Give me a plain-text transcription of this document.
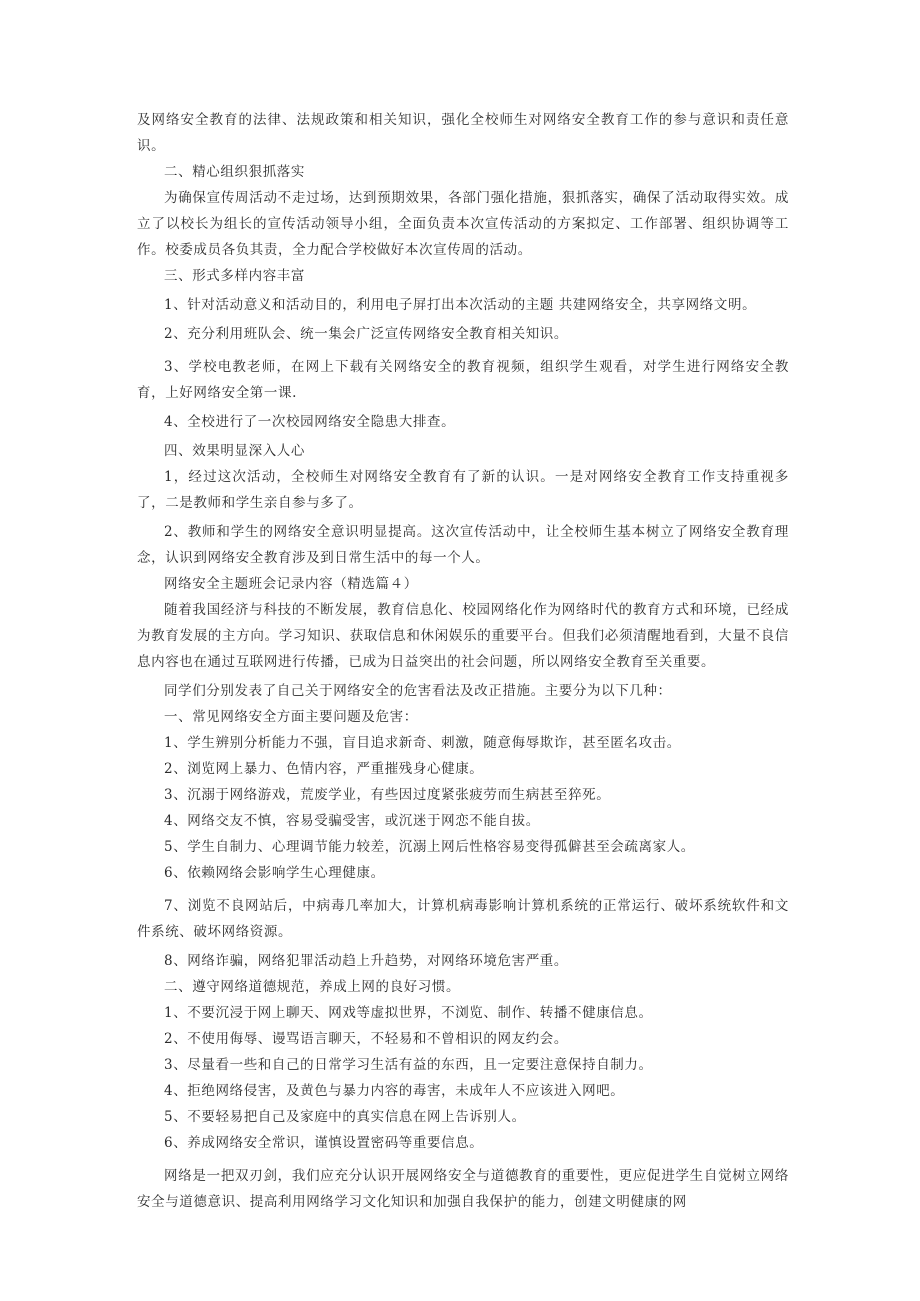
及网络安全教育的法律、法规政策和相关知识，强化全校师生对网络安全教育工作的参与意识和责任意识。

二、精心组织狠抓落实

为确保宣传周活动不走过场，达到预期效果，各部门强化措施，狠抓落实，确保了活动取得实效。成立了以校长为组长的宣传活动领导小组，全面负责本次宣传活动的方案拟定、工作部署、组织协调等工作。校委成员各负其责，全力配合学校做好本次宣传周的活动。

三、形式多样内容丰富

1、针对活动意义和活动目的，利用电子屏打出本次活动的主题 共建网络安全，共享网络文明。

2、充分利用班队会、统一集会广泛宣传网络安全教育相关知识。

3、学校电教老师，在网上下载有关网络安全的教育视频，组织学生观看，对学生进行网络安全教育，上好网络安全第一课.

4、全校进行了一次校园网络安全隐患大排查。

四、效果明显深入人心

1，经过这次活动，全校师生对网络安全教育有了新的认识。一是对网络安全教育工作支持重视多了，二是教师和学生亲自参与多了。

2、教师和学生的网络安全意识明显提高。这次宣传活动中，让全校师生基本树立了网络安全教育理念，认识到网络安全教育涉及到日常生活中的每一个人。

网络安全主题班会记录内容（精选篇４）

随着我国经济与科技的不断发展，教育信息化、校园网络化作为网络时代的教育方式和环境，已经成为教育发展的主方向。学习知识、获取信息和休闲娱乐的重要平台。但我们必须清醒地看到，大量不良信息内容也在通过互联网进行传播，已成为日益突出的社会问题，所以网络安全教育至关重要。

同学们分别发表了自己关于网络安全的危害看法及改正措施。主要分为以下几种：

一、常见网络安全方面主要问题及危害：

1、学生辨别分析能力不强，盲目追求新奇、刺激，随意侮辱欺诈，甚至匿名攻击。

2、浏览网上暴力、色情内容，严重摧残身心健康。

3、沉溺于网络游戏，荒废学业，有些因过度紧张疲劳而生病甚至猝死。

4、网络交友不慎，容易受骗受害，或沉迷于网恋不能自拔。

5、学生自制力、心理调节能力较差，沉溺上网后性格容易变得孤僻甚至会疏离家人。

6、依赖网络会影响学生心理健康。

7、浏览不良网站后，中病毒几率加大，计算机病毒影响计算机系统的正常运行、破坏系统软件和文件系统、破坏网络资源。

8、网络诈骗，网络犯罪活动趋上升趋势，对网络环境危害严重。

二、遵守网络道德规范，养成上网的良好习惯。

1、不要沉浸于网上聊天、网戏等虚拟世界，不浏览、制作、转播不健康信息。

2、不使用侮辱、谩骂语言聊天，不轻易和不曾相识的网友约会。

3、尽量看一些和自己的日常学习生活有益的东西，且一定要注意保持自制力。

4、拒绝网络侵害，及黄色与暴力内容的毒害，未成年人不应该进入网吧。

5、不要轻易把自己及家庭中的真实信息在网上告诉别人。

6、养成网络安全常识，谨慎设置密码等重要信息。

网络是一把双刃剑，我们应充分认识开展网络安全与道德教育的重要性，更应促进学生自觉树立网络安全与道德意识、提高利用网络学习文化知识和加强自我保护的能力，创建文明健康的网
